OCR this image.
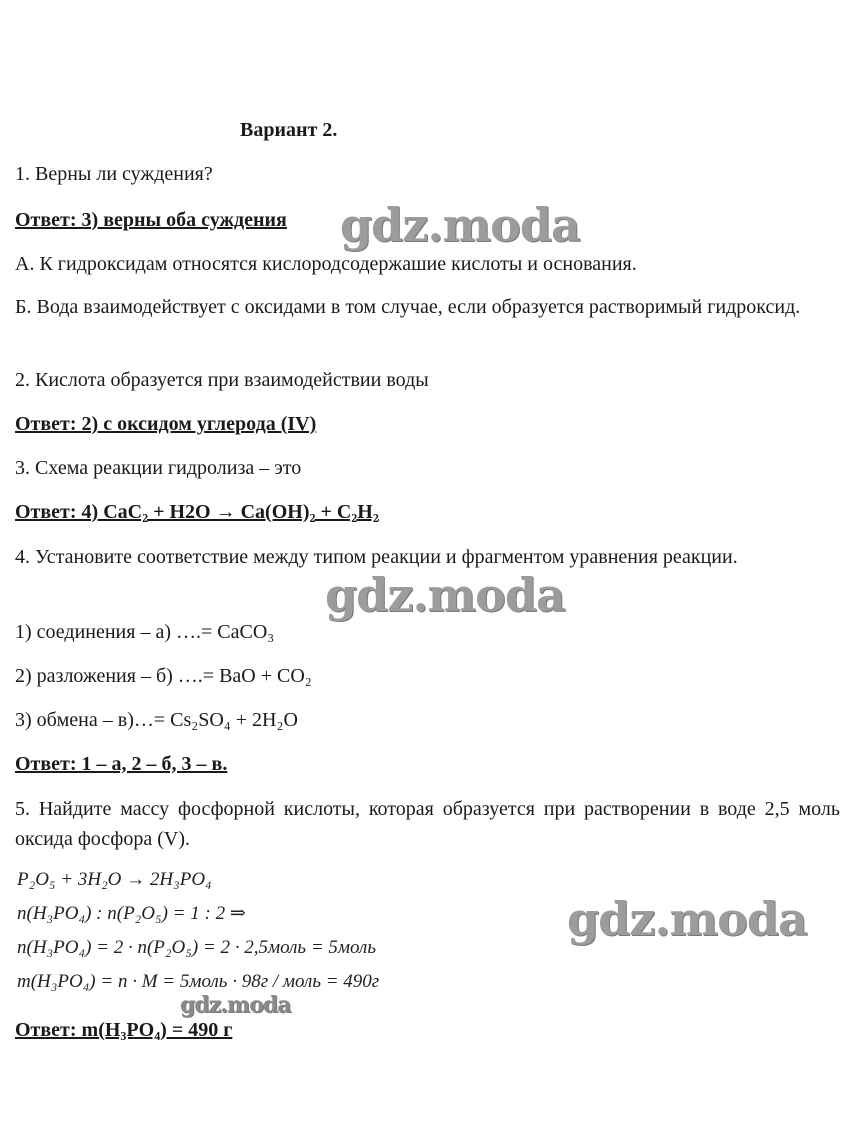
Вариант 2.
1. Верны ли суждения?
Ответ: 3) верны оба суждения
А. К гидроксидам относятся кислородсодержашие кислоты и основания.
Б. Вода взаимодействует с оксидами в том случае, если образуется растворимый гидроксид.
2. Кислота образуется при взаимодействии воды
Ответ: 2) с оксидом углерода (IV)
3. Схема реакции гидролиза – это
Ответ: 4) CaC₂ + H2O → Ca(OH)₂ + C₂H₂
4. Установите соответствие между типом реакции и фрагментом уравнения реакции.
1) соединения – а) ….= CaCO₃
2) разложения – б) ….= BaO + CO₂
3) обмена – в)…= Cs₂SO₄ + 2H₂O
Ответ: 1 – а, 2 – б, 3 – в.
5. Найдите массу фосфорной кислоты, которая образуется при растворении в воде 2,5 моль оксида фосфора (V).
P₂O₅ + 3H₂O → 2H₃PO₄
n(H₃PO₄) : n(P₂O₅) = 1 : 2 ⇒
n(H₃PO₄) = 2 · n(P₂O₅) = 2 · 2,5моль = 5моль
m(H₃PO₄) = n · M = 5моль · 98г / моль = 490г
Ответ: m(H₃PO₄) = 490 г
gdz.moda
gdz.moda
gdz.moda
gdz.moda
